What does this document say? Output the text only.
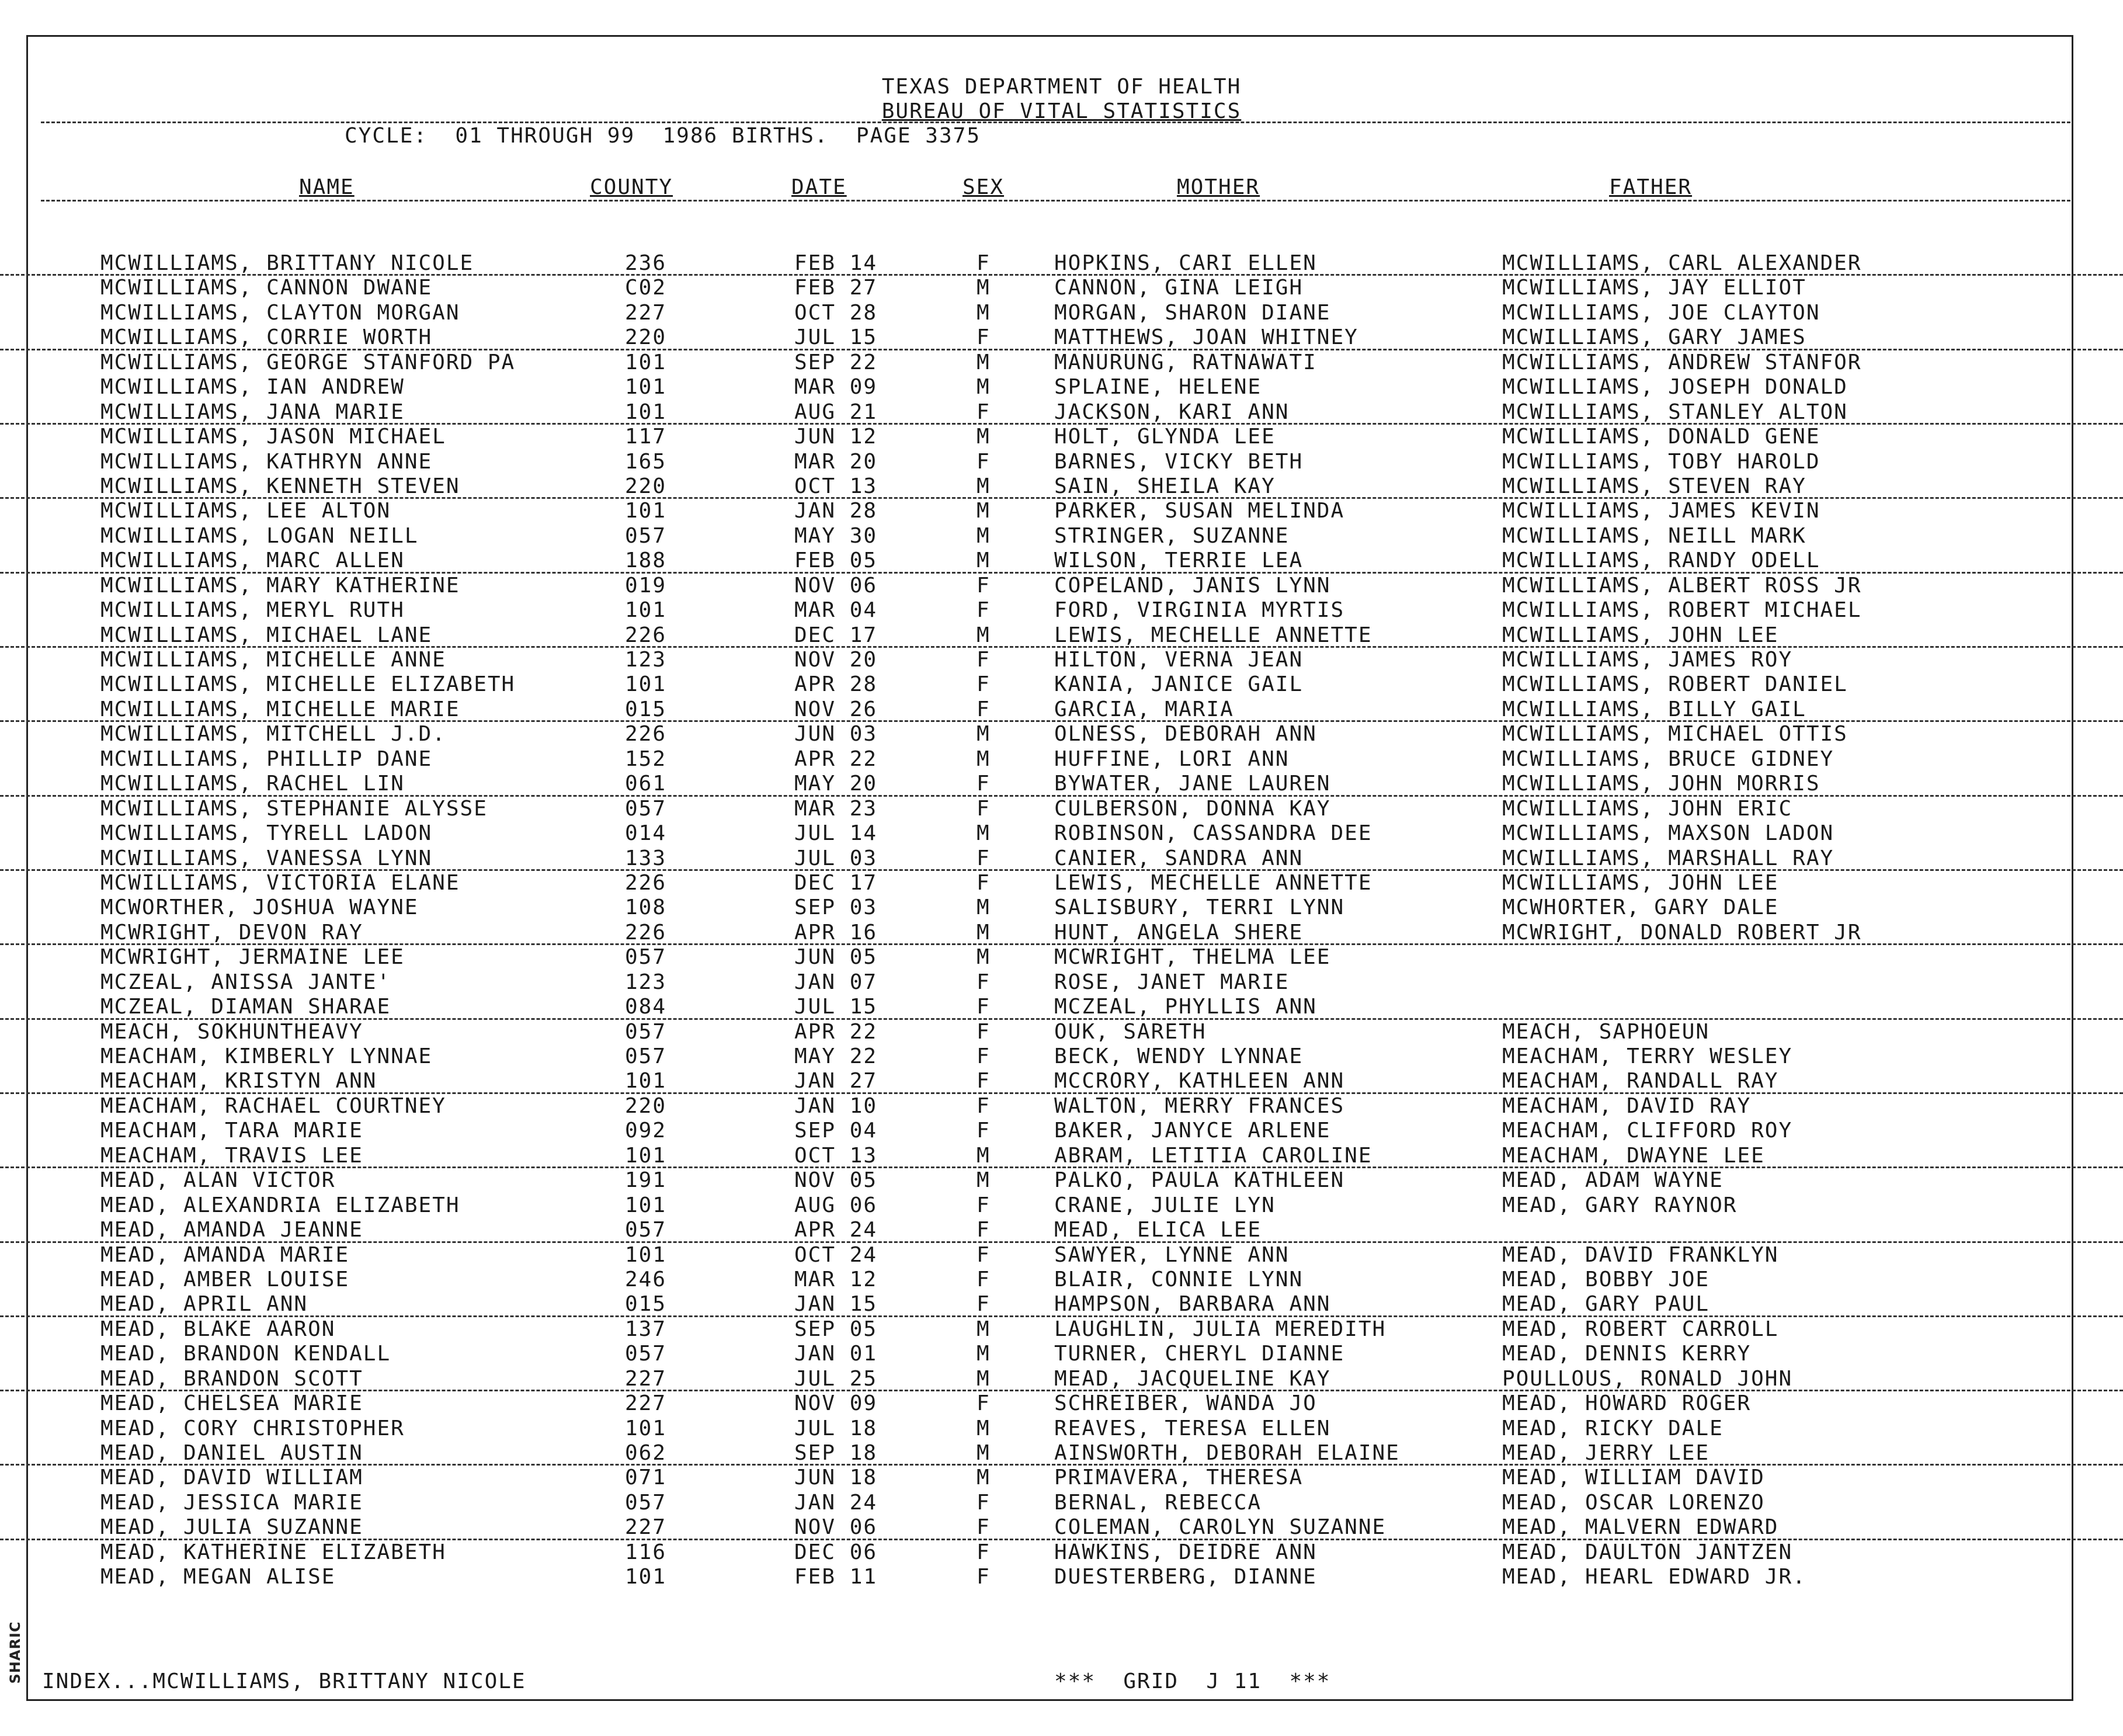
SHARIC
TEXAS DEPARTMENT OF HEALTH
BUREAU OF VITAL STATISTICS
CYCLE:  01 THROUGH 99  1986 BIRTHS.  PAGE 3375
NAME	COUNTY	DATE	SEX	MOTHER	FATHER
MCWILLIAMS, BRITTANY NICOLE	236	FEB 14	F	HOPKINS, CARI ELLEN	MCWILLIAMS, CARL ALEXANDER
MCWILLIAMS, CANNON DWANE	C02	FEB 27	M	CANNON, GINA LEIGH	MCWILLIAMS, JAY ELLIOT
MCWILLIAMS, CLAYTON MORGAN	227	OCT 28	M	MORGAN, SHARON DIANE	MCWILLIAMS, JOE CLAYTON
MCWILLIAMS, CORRIE WORTH	220	JUL 15	F	MATTHEWS, JOAN WHITNEY	MCWILLIAMS, GARY JAMES
MCWILLIAMS, GEORGE STANFORD PA	101	SEP 22	M	MANURUNG, RATNAWATI	MCWILLIAMS, ANDREW STANFOR
MCWILLIAMS, IAN ANDREW	101	MAR 09	M	SPLAINE, HELENE	MCWILLIAMS, JOSEPH DONALD
MCWILLIAMS, JANA MARIE	101	AUG 21	F	JACKSON, KARI ANN	MCWILLIAMS, STANLEY ALTON
MCWILLIAMS, JASON MICHAEL	117	JUN 12	M	HOLT, GLYNDA LEE	MCWILLIAMS, DONALD GENE
MCWILLIAMS, KATHRYN ANNE	165	MAR 20	F	BARNES, VICKY BETH	MCWILLIAMS, TOBY HAROLD
MCWILLIAMS, KENNETH STEVEN	220	OCT 13	M	SAIN, SHEILA KAY	MCWILLIAMS, STEVEN RAY
MCWILLIAMS, LEE ALTON	101	JAN 28	M	PARKER, SUSAN MELINDA	MCWILLIAMS, JAMES KEVIN
MCWILLIAMS, LOGAN NEILL	057	MAY 30	M	STRINGER, SUZANNE	MCWILLIAMS, NEILL MARK
MCWILLIAMS, MARC ALLEN	188	FEB 05	M	WILSON, TERRIE LEA	MCWILLIAMS, RANDY ODELL
MCWILLIAMS, MARY KATHERINE	019	NOV 06	F	COPELAND, JANIS LYNN	MCWILLIAMS, ALBERT ROSS JR
MCWILLIAMS, MERYL RUTH	101	MAR 04	F	FORD, VIRGINIA MYRTIS	MCWILLIAMS, ROBERT MICHAEL
MCWILLIAMS, MICHAEL LANE	226	DEC 17	M	LEWIS, MECHELLE ANNETTE	MCWILLIAMS, JOHN LEE
MCWILLIAMS, MICHELLE ANNE	123	NOV 20	F	HILTON, VERNA JEAN	MCWILLIAMS, JAMES ROY
MCWILLIAMS, MICHELLE ELIZABETH	101	APR 28	F	KANIA, JANICE GAIL	MCWILLIAMS, ROBERT DANIEL
MCWILLIAMS, MICHELLE MARIE	015	NOV 26	F	GARCIA, MARIA	MCWILLIAMS, BILLY GAIL
MCWILLIAMS, MITCHELL J.D.	226	JUN 03	M	OLNESS, DEBORAH ANN	MCWILLIAMS, MICHAEL OTTIS
MCWILLIAMS, PHILLIP DANE	152	APR 22	M	HUFFINE, LORI ANN	MCWILLIAMS, BRUCE GIDNEY
MCWILLIAMS, RACHEL LIN	061	MAY 20	F	BYWATER, JANE LAUREN	MCWILLIAMS, JOHN MORRIS
MCWILLIAMS, STEPHANIE ALYSSE	057	MAR 23	F	CULBERSON, DONNA KAY	MCWILLIAMS, JOHN ERIC
MCWILLIAMS, TYRELL LADON	014	JUL 14	M	ROBINSON, CASSANDRA DEE	MCWILLIAMS, MAXSON LADON
MCWILLIAMS, VANESSA LYNN	133	JUL 03	F	CANIER, SANDRA ANN	MCWILLIAMS, MARSHALL RAY
MCWILLIAMS, VICTORIA ELANE	226	DEC 17	F	LEWIS, MECHELLE ANNETTE	MCWILLIAMS, JOHN LEE
MCWORTHER, JOSHUA WAYNE	108	SEP 03	M	SALISBURY, TERRI LYNN	MCWHORTER, GARY DALE
MCWRIGHT, DEVON RAY	226	APR 16	M	HUNT, ANGELA SHERE	MCWRIGHT, DONALD ROBERT JR
MCWRIGHT, JERMAINE LEE	057	JUN 05	M	MCWRIGHT, THELMA LEE
MCZEAL, ANISSA JANTE'	123	JAN 07	F	ROSE, JANET MARIE
MCZEAL, DIAMAN SHARAE	084	JUL 15	F	MCZEAL, PHYLLIS ANN
MEACH, SOKHUNTHEAVY	057	APR 22	F	OUK, SARETH	MEACH, SAPHOEUN
MEACHAM, KIMBERLY LYNNAE	057	MAY 22	F	BECK, WENDY LYNNAE	MEACHAM, TERRY WESLEY
MEACHAM, KRISTYN ANN	101	JAN 27	F	MCCRORY, KATHLEEN ANN	MEACHAM, RANDALL RAY
MEACHAM, RACHAEL COURTNEY	220	JAN 10	F	WALTON, MERRY FRANCES	MEACHAM, DAVID RAY
MEACHAM, TARA MARIE	092	SEP 04	F	BAKER, JANYCE ARLENE	MEACHAM, CLIFFORD ROY
MEACHAM, TRAVIS LEE	101	OCT 13	M	ABRAM, LETITIA CAROLINE	MEACHAM, DWAYNE LEE
MEAD, ALAN VICTOR	191	NOV 05	M	PALKO, PAULA KATHLEEN	MEAD, ADAM WAYNE
MEAD, ALEXANDRIA ELIZABETH	101	AUG 06	F	CRANE, JULIE LYN	MEAD, GARY RAYNOR
MEAD, AMANDA JEANNE	057	APR 24	F	MEAD, ELICA LEE
MEAD, AMANDA MARIE	101	OCT 24	F	SAWYER, LYNNE ANN	MEAD, DAVID FRANKLYN
MEAD, AMBER LOUISE	246	MAR 12	F	BLAIR, CONNIE LYNN	MEAD, BOBBY JOE
MEAD, APRIL ANN	015	JAN 15	F	HAMPSON, BARBARA ANN	MEAD, GARY PAUL
MEAD, BLAKE AARON	137	SEP 05	M	LAUGHLIN, JULIA MEREDITH	MEAD, ROBERT CARROLL
MEAD, BRANDON KENDALL	057	JAN 01	M	TURNER, CHERYL DIANNE	MEAD, DENNIS KERRY
MEAD, BRANDON SCOTT	227	JUL 25	M	MEAD, JACQUELINE KAY	POULLOUS, RONALD JOHN
MEAD, CHELSEA MARIE	227	NOV 09	F	SCHREIBER, WANDA JO	MEAD, HOWARD ROGER
MEAD, CORY CHRISTOPHER	101	JUL 18	M	REAVES, TERESA ELLEN	MEAD, RICKY DALE
MEAD, DANIEL AUSTIN	062	SEP 18	M	AINSWORTH, DEBORAH ELAINE	MEAD, JERRY LEE
MEAD, DAVID WILLIAM	071	JUN 18	M	PRIMAVERA, THERESA	MEAD, WILLIAM DAVID
MEAD, JESSICA MARIE	057	JAN 24	F	BERNAL, REBECCA	MEAD, OSCAR LORENZO
MEAD, JULIA SUZANNE	227	NOV 06	F	COLEMAN, CAROLYN SUZANNE	MEAD, MALVERN EDWARD
MEAD, KATHERINE ELIZABETH	116	DEC 06	F	HAWKINS, DEIDRE ANN	MEAD, DAULTON JANTZEN
MEAD, MEGAN ALISE	101	FEB 11	F	DUESTERBERG, DIANNE	MEAD, HEARL EDWARD JR.
INDEX...MCWILLIAMS, BRITTANY NICOLE	***  GRID  J 11  ***
